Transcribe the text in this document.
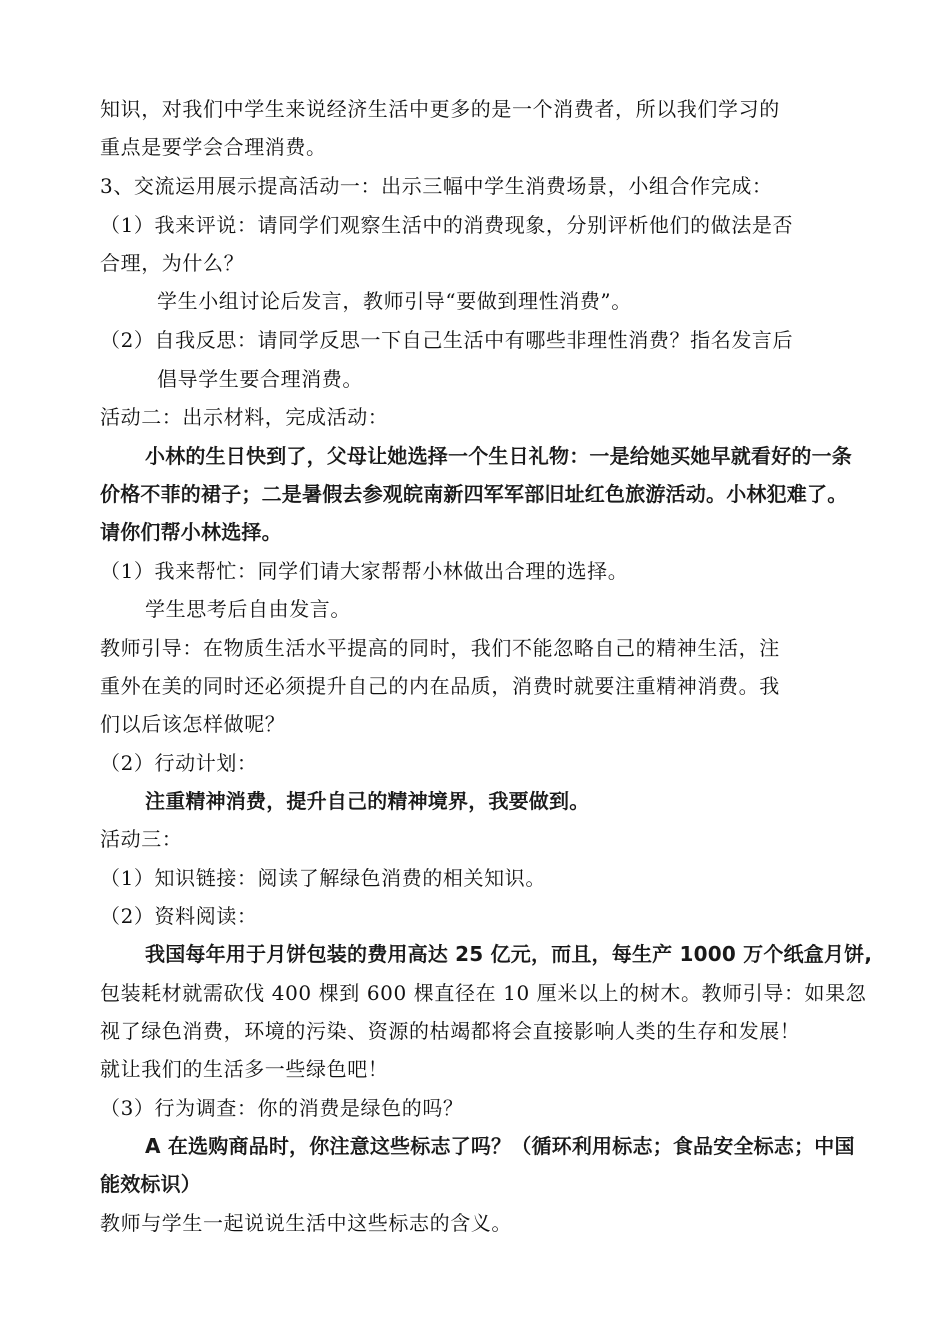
知识，对我们中学生来说经济生活中更多的是一个消费者，所以我们学习的
重点是要学会合理消费。
3、交流运用展示提高活动一：出示三幅中学生消费场景，小组合作完成：
（1）我来评说：请同学们观察生活中的消费现象，分别评析他们的做法是否
合理，为什么？
学生小组讨论后发言，教师引导“要做到理性消费”。
（2）自我反思：请同学反思一下自己生活中有哪些非理性消费？指名发言后
倡导学生要合理消费。
活动二：出示材料，完成活动：
小林的生日快到了，父母让她选择一个生日礼物：一是给她买她早就看好的一条
价格不菲的裙子；二是暑假去参观皖南新四军军部旧址红色旅游活动。小林犯难了。
请你们帮小林选择。
（1）我来帮忙：同学们请大家帮帮小林做出合理的选择。
学生思考后自由发言。
教师引导：在物质生活水平提高的同时，我们不能忽略自己的精神生活，注
重外在美的同时还必须提升自己的内在品质，消费时就要注重精神消费。我
们以后该怎样做呢？
（2）行动计划：
注重精神消费，提升自己的精神境界，我要做到。
活动三：
（1）知识链接：阅读了解绿色消费的相关知识。
（2）资料阅读：
我国每年用于月饼包装的费用高达 25 亿元，而且，每生产 1000 万个纸盒月饼,
包装耗材就需砍伐 400 棵到 600 棵直径在 10 厘米以上的树木。教师引导：如果忽
视了绿色消费，环境的污染、资源的枯竭都将会直接影响人类的生存和发展！
就让我们的生活多一些绿色吧！
（3）行为调查：你的消费是绿色的吗？
A 在选购商品时，你注意这些标志了吗？（循环利用标志；食品安全标志；中国
能效标识）
教师与学生一起说说生活中这些标志的含义。
